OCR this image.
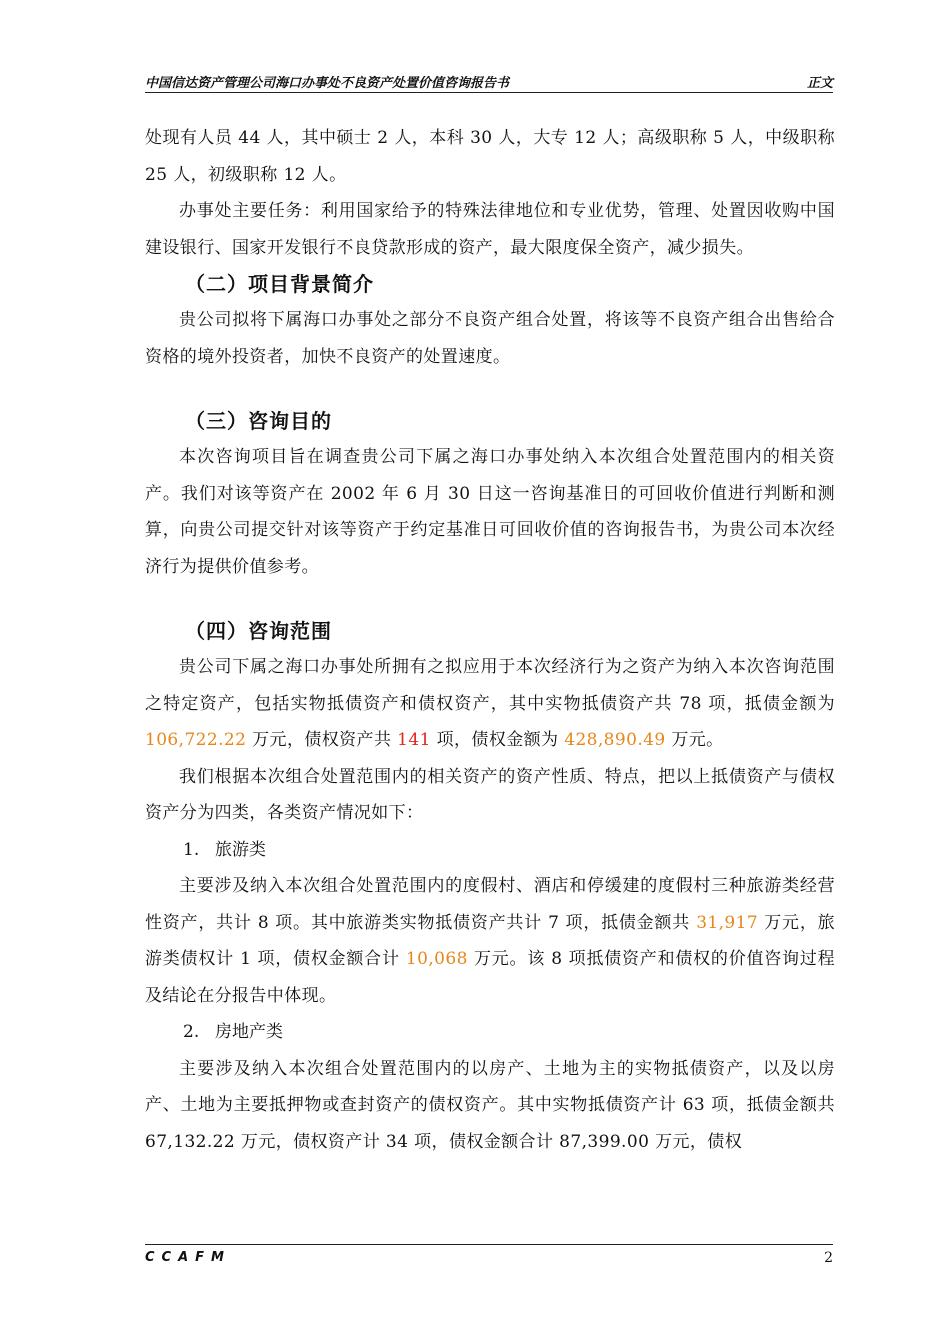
中国信达资产管理公司海口办事处不良资产处置价值咨询报告书	正文

处现有人员 44 人，其中硕士 2 人，本科 30 人，大专 12 人；高级职称 5 人，中级职称 25 人，初级职称 12 人。

办事处主要任务：利用国家给予的特殊法律地位和专业优势，管理、处置因收购中国建设银行、国家开发银行不良贷款形成的资产，最大限度保全资产，减少损失。

（二）项目背景简介

贵公司拟将下属海口办事处之部分不良资产组合处置，将该等不良资产组合出售给合资格的境外投资者，加快不良资产的处置速度。

（三）咨询目的

本次咨询项目旨在调查贵公司下属之海口办事处纳入本次组合处置范围内的相关资产。我们对该等资产在 2002 年 6 月 30 日这一咨询基准日的可回收价值进行判断和测算，向贵公司提交针对该等资产于约定基准日可回收价值的咨询报告书，为贵公司本次经济行为提供价值参考。

（四）咨询范围

贵公司下属之海口办事处所拥有之拟应用于本次经济行为之资产为纳入本次咨询范围之特定资产，包括实物抵债资产和债权资产，其中实物抵债资产共 78 项，抵债金额为 106,722.22 万元，债权资产共 141 项，债权金额为 428,890.49 万元。

我们根据本次组合处置范围内的相关资产的资产性质、特点，把以上抵债资产与债权资产分为四类，各类资产情况如下：

1. 旅游类

主要涉及纳入本次组合处置范围内的度假村、酒店和停缓建的度假村三种旅游类经营性资产，共计 8 项。其中旅游类实物抵债资产共计 7 项，抵债金额共 31,917 万元，旅游类债权计 1 项，债权金额合计 10,068 万元。该 8 项抵债资产和债权的价值咨询过程及结论在分报告中体现。

2. 房地产类

主要涉及纳入本次组合处置范围内的以房产、土地为主的实物抵债资产，以及以房产、土地为主要抵押物或查封资产的债权资产。其中实物抵债资产计 63 项，抵债金额共 67,132.22 万元，债权资产计 34 项，债权金额合计 87,399.00 万元，债权

CCAFM	2
